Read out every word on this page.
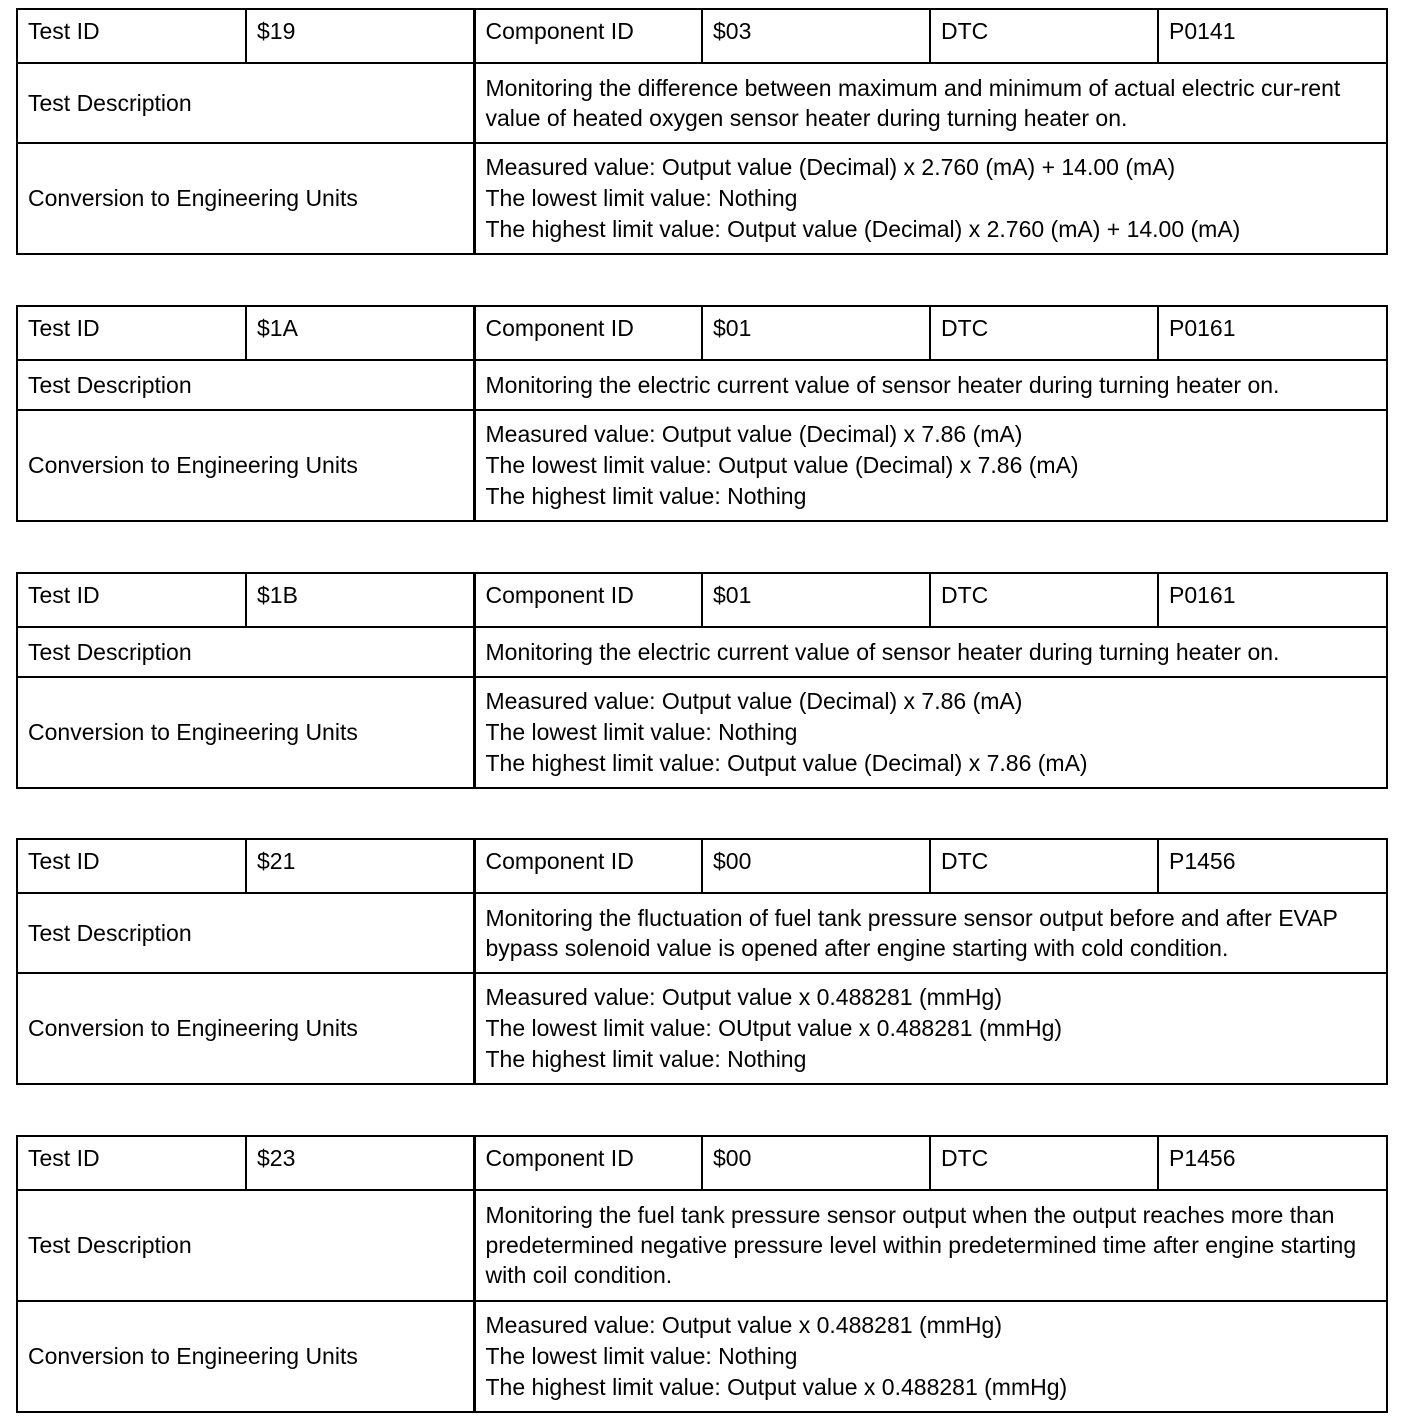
Test ID	$19	Component ID	$03	DTC	P0141
Test Description		Monitoring the difference between maximum and minimum of actual electric cur-rent value of heated oxygen sensor heater during turning heater on.			

Conversion to Engineering Units		Measured value: Output value (Decimal) x 2.760 (mA) + 14.00 (mA)
The lowest limit value: Nothing
The highest limit value: Output value (Decimal) x 2.760 (mA) + 14.00 (mA)			
Test ID	$1A	Component ID	$01	DTC	P0161
Test Description		Monitoring the electric current value of sensor heater during turning heater on.			

Conversion to Engineering Units		Measured value: Output value (Decimal) x 7.86 (mA)
The lowest limit value: Output value (Decimal) x 7.86 (mA)
The highest limit value: Nothing			
Test ID	$1B	Component ID	$01	DTC	P0161
Test Description		Monitoring the electric current value of sensor heater during turning heater on.			

Conversion to Engineering Units		Measured value: Output value (Decimal) x 7.86 (mA)
The lowest limit value: Nothing
The highest limit value: Output value (Decimal) x 7.86 (mA)			
Test ID	$21	Component ID	$00	DTC	P1456
Test Description		Monitoring the fluctuation of fuel tank pressure sensor output before and after EVAP bypass solenoid value is opened after engine starting with cold condition.			

Conversion to Engineering Units		Measured value: Output value x 0.488281 (mmHg)
The lowest limit value: OUtput value x 0.488281 (mmHg)
The highest limit value: Nothing			
Test ID	$23	Component ID	$00	DTC	P1456
Test Description		Monitoring the fuel tank pressure sensor output when the output reaches more than predetermined negative pressure level within predetermined time after engine starting with coil condition.			

Conversion to Engineering Units		Measured value: Output value x 0.488281 (mmHg)
The lowest limit value: Nothing
The highest limit value: Output value x 0.488281 (mmHg)			
